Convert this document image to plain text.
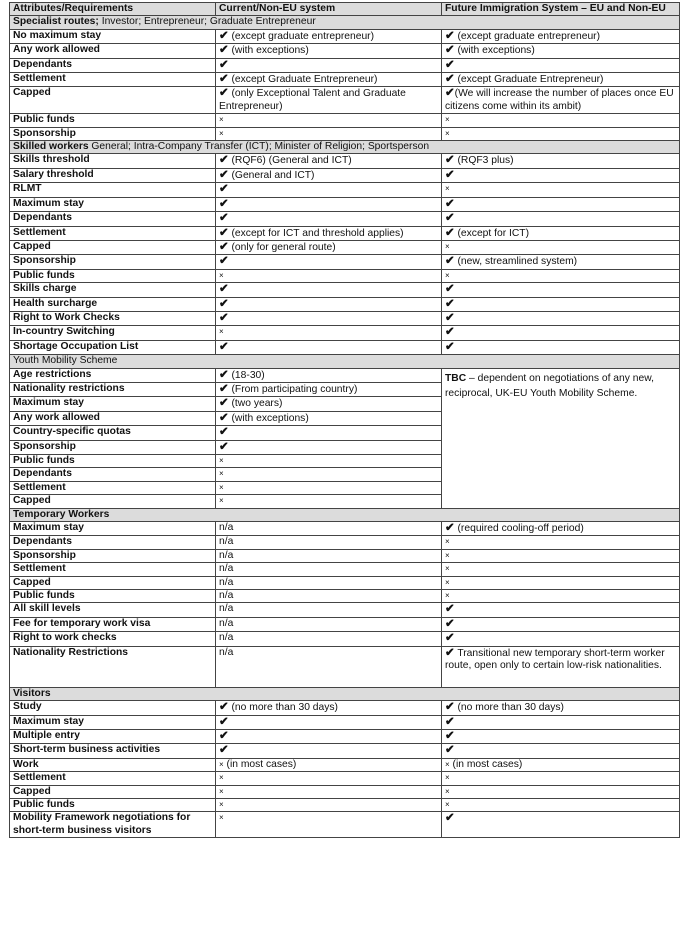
Attributes/Requirements	Current/Non-EU system	Future Immigration System – EU and Non-EU
Specialist routes; Investor; Entrepreneur; Graduate Entrepreneur		
No maximum stay	✔ (except graduate entrepreneur)	✔ (except graduate entrepreneur)
Any work allowed	✔ (with exceptions)	✔ (with exceptions)
Dependants	✔	✔
Settlement	✔ (except Graduate Entrepreneur)	✔ (except Graduate Entrepreneur)
Capped	✔ (only Exceptional Talent and Graduate Entrepreneur)	✔(We will increase the number of places once EU citizens come within its ambit)
Public funds	×	×
Sponsorship	×	×
Skilled workers General; Intra-Company Transfer (ICT); Minister of Religion; Sportsperson		
Skills threshold	✔ (RQF6) (General and ICT)	✔ (RQF3 plus)
Salary threshold	✔ (General and ICT)	✔
RLMT	✔	×
Maximum stay	✔	✔
Dependants	✔	✔
Settlement	✔ (except for ICT and threshold applies)	✔ (except for ICT)
Capped	✔ (only for general route)	×
Sponsorship	✔	✔ (new, streamlined system)
Public funds	×	×
Skills charge	✔	✔
Health surcharge	✔	✔
Right to Work Checks	✔	✔
In-country Switching	×	✔
Shortage Occupation List	✔	✔
Youth Mobility Scheme		
Age restrictions	✔ (18-30)	TBC – dependent on negotiations of any new, reciprocal, UK-EU Youth Mobility Scheme.
Nationality restrictions	✔ (From participating country)	
Maximum stay	✔ (two years)	
Any work allowed	✔ (with exceptions)	
Country-specific quotas	✔	
Sponsorship	✔	
Public funds	×	
Dependants	×	
Settlement	×	
Capped	×	
Temporary Workers		
Maximum stay	n/a	✔ (required cooling-off period)
Dependants	n/a	×
Sponsorship	n/a	×
Settlement	n/a	×
Capped	n/a	×
Public funds	n/a	×
All skill levels	n/a	✔
Fee for temporary work visa	n/a	✔
Right to work checks	n/a	✔
Nationality Restrictions	n/a	✔ Transitional new temporary short-term worker route, open only to certain low-risk nationalities.
Visitors		
Study	✔ (no more than 30 days)	✔ (no more than 30 days)
Maximum stay	✔	✔
Multiple entry	✔	✔
Short-term business activities	✔	✔
Work	× (in most cases)	× (in most cases)
Settlement	×	×
Capped	×	×
Public funds	×	×
Mobility Framework negotiations for short-term business visitors	×	✔
